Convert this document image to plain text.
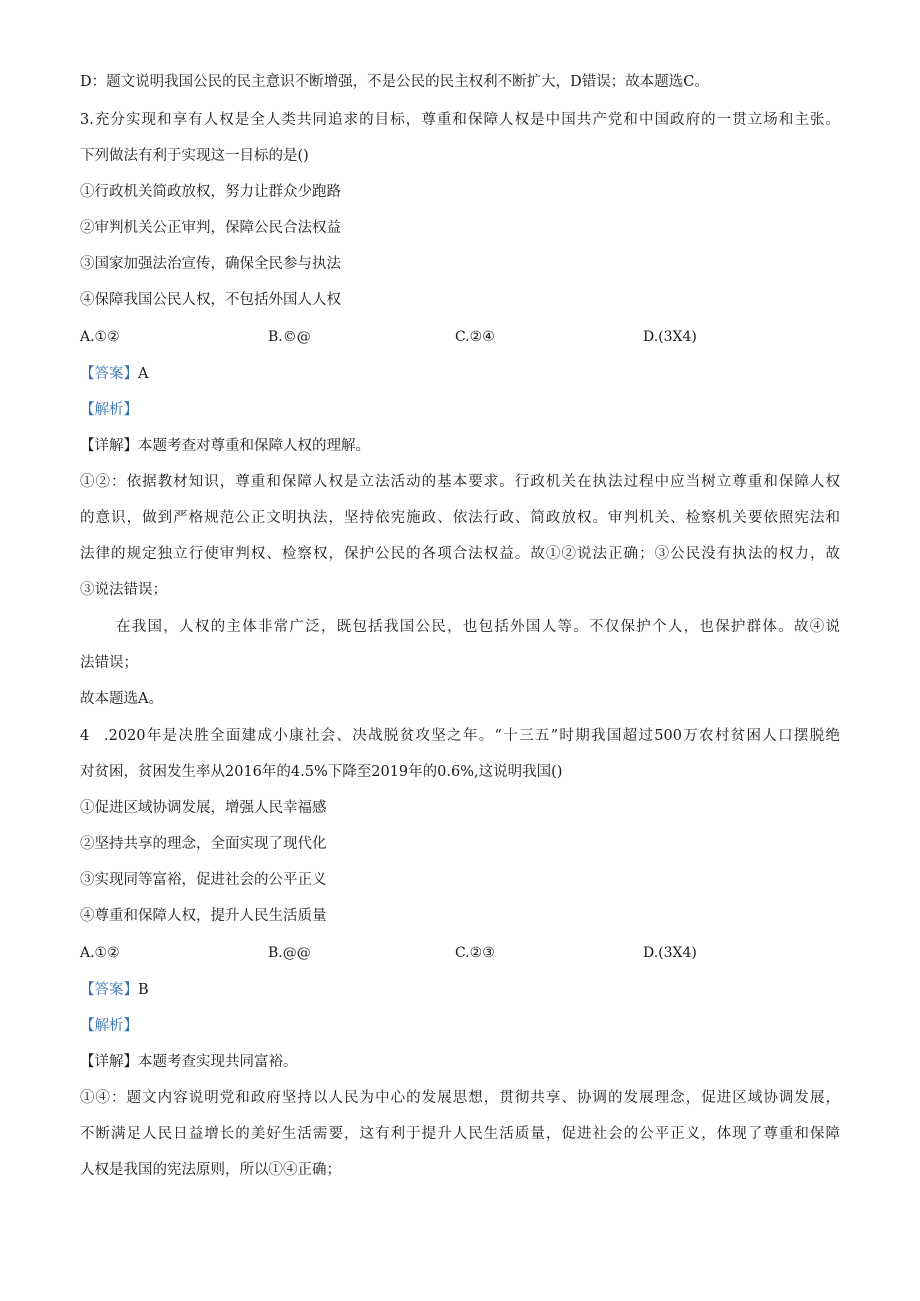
D：题文说明我国公民的民主意识不断增强，不是公民的民主权利不断扩大，D错误；故本题选C。
3.充分实现和享有人权是全人类共同追求的目标，尊重和保障人权是中国共产党和中国政府的一贯立场和主张。
下列做法有利于实现这一目标的是()
①行政机关简政放权，努力让群众少跑路
②审判机关公正审判，保障公民合法权益
③国家加强法治宣传，确保全民参与执法
④保障我国公民人权，不包括外国人人权
A.①②	B.©@	C.②④	D.(3X4)
【答案】A
【解析】
【详解】本题考查对尊重和保障人权的理解。
①②：依据教材知识，尊重和保障人权是立法活动的基本要求。行政机关在执法过程中应当树立尊重和保障人权
的意识，做到严格规范公正文明执法，坚持依宪施政、依法行政、简政放权。审判机关、检察机关要依照宪法和
法律的规定独立行使审判权、检察权，保护公民的各项合法权益。故①②说法正确；③公民没有执法的权力，故
③说法错误；
在我国，人权的主体非常广泛，既包括我国公民，也包括外国人等。不仅保护个人，也保护群体。故④说
法错误；
故本题选A。
4 .2020年是决胜全面建成小康社会、决战脱贫攻坚之年。“十三五”时期我国超过500万农村贫困人口摆脱绝
对贫困，贫困发生率从2016年的4.5%下降至2019年的0.6%,这说明我国()
①促进区域协调发展，增强人民幸福感
②坚持共享的理念，全面实现了现代化
③实现同等富裕，促进社会的公平正义
④尊重和保障人权，提升人民生活质量
A.①②	B.@@	C.②③	D.(3X4)
【答案】B
【解析】
【详解】本题考查实现共同富裕。
①④：题文内容说明党和政府坚持以人民为中心的发展思想，贯彻共享、协调的发展理念，促进区域协调发展，
不断满足人民日益增长的美好生活需要，这有利于提升人民生活质量，促进社会的公平正义，体现了尊重和保障
人权是我国的宪法原则，所以①④正确；
